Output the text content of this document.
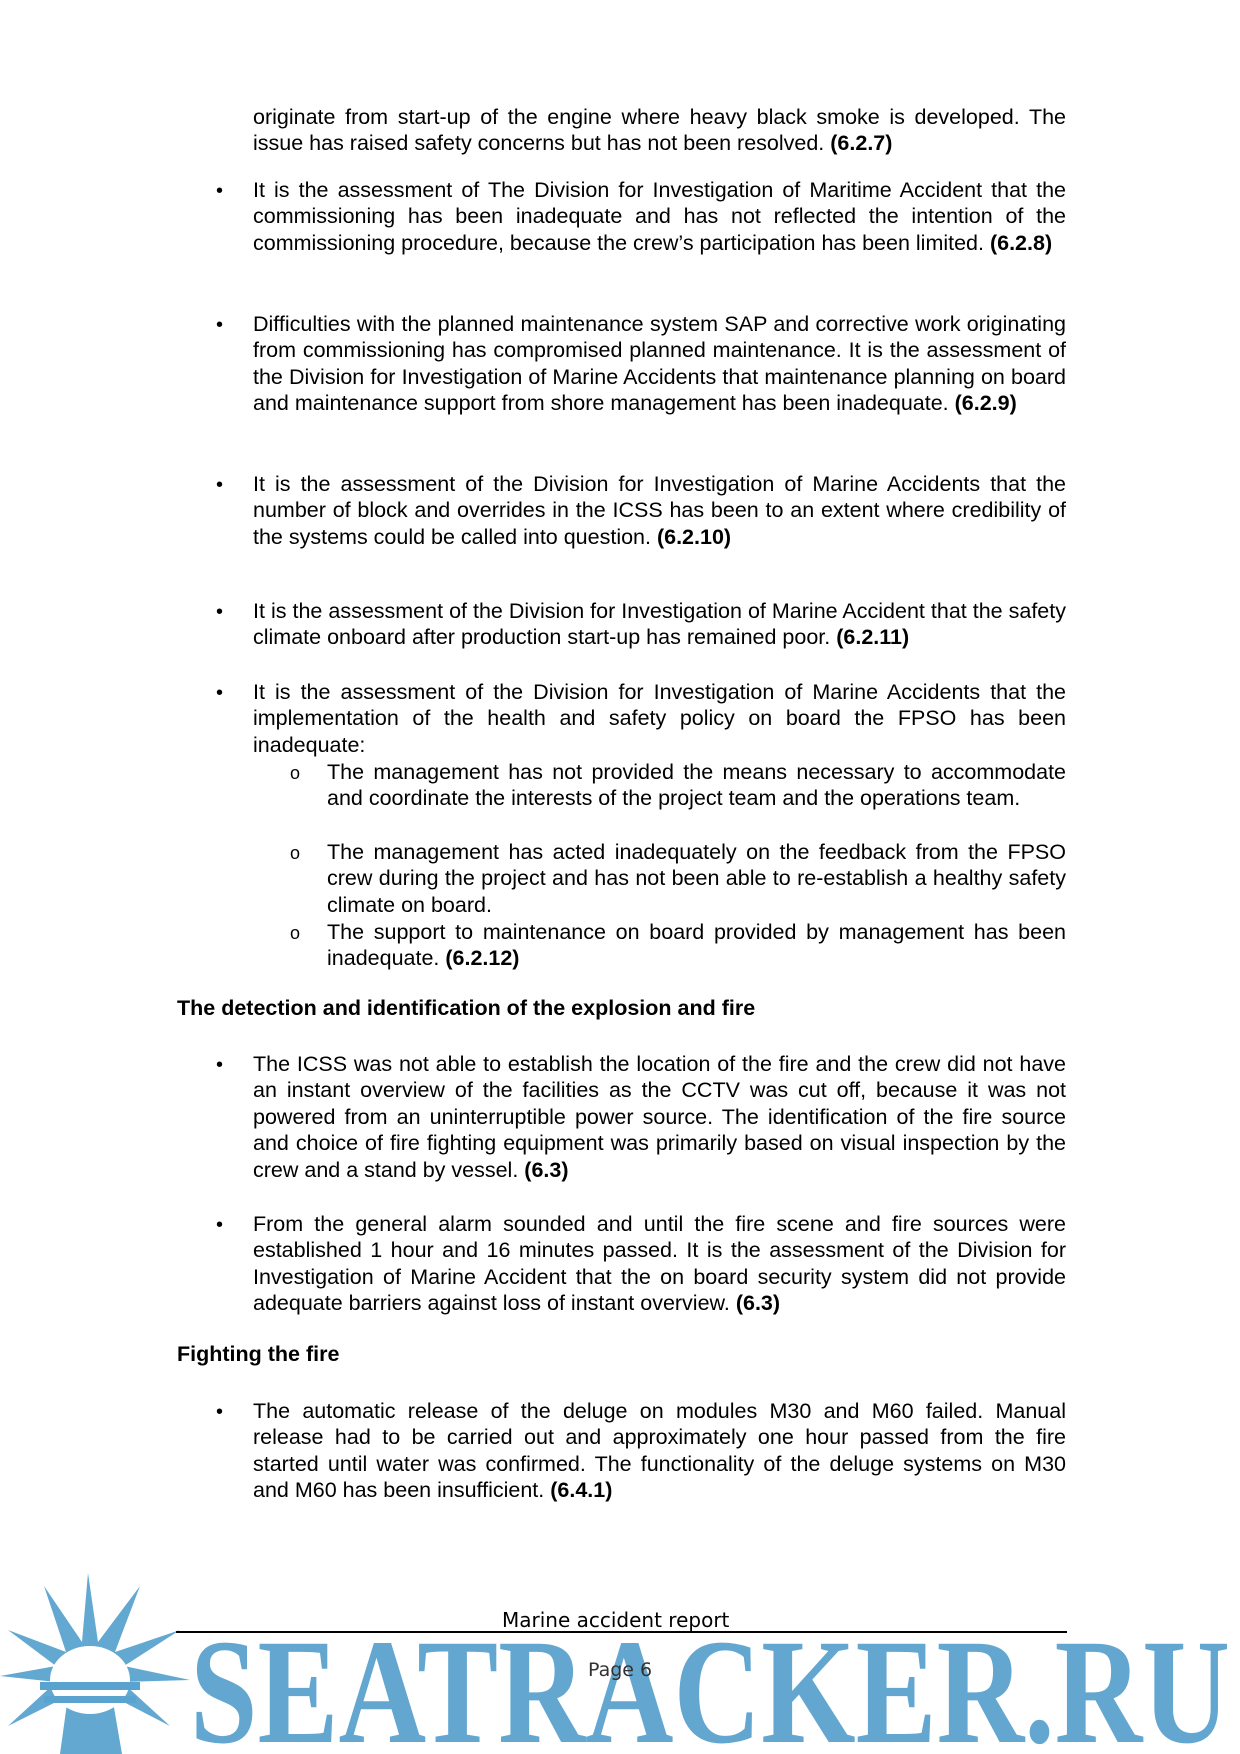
originate from start-up of the engine where heavy black smoke is developed. The issue has raised safety concerns but has not been resolved. (6.2.7)
• It is the assessment of The Division for Investigation of Maritime Accident that the commissioning has been inadequate and has not reflected the intention of the commissioning procedure, because the crew’s participation has been limited. (6.2.8)
• Difficulties with the planned maintenance system SAP and corrective work originating from commissioning has compromised planned maintenance. It is the assessment of the Division for Investigation of Marine Accidents that maintenance planning on board and maintenance support from shore management has been inadequate. (6.2.9)
• It is the assessment of the Division for Investigation of Marine Accidents that the number of block and overrides in the ICSS has been to an extent where credibility of the systems could be called into question. (6.2.10)
• It is the assessment of the Division for Investigation of Marine Accident that the safety climate onboard after production start-up has remained poor. (6.2.11)
• It is the assessment of the Division for Investigation of Marine Accidents that the implementation of the health and safety policy on board the FPSO has been inadequate:
o The management has not provided the means necessary to accommodate and coordinate the interests of the project team and the operations team.
o The management has acted inadequately on the feedback from the FPSO crew during the project and has not been able to re-establish a healthy safety climate on board.
o The support to maintenance on board provided by management has been inadequate. (6.2.12)
The detection and identification of the explosion and fire
• The ICSS was not able to establish the location of the fire and the crew did not have an instant overview of the facilities as the CCTV was cut off, because it was not powered from an uninterruptible power source. The identification of the fire source and choice of fire fighting equipment was primarily based on visual inspection by the crew and a stand by vessel. (6.3)
• From the general alarm sounded and until the fire scene and fire sources were established 1 hour and 16 minutes passed. It is the assessment of the Division for Investigation of Marine Accident that the on board security system did not provide adequate barriers against loss of instant overview. (6.3)
Fighting the fire
• The automatic release of the deluge on modules M30 and M60 failed. Manual release had to be carried out and approximately one hour passed from the fire started until water was confirmed. The functionality of the deluge systems on M30 and M60 has been insufficient. (6.4.1)
SEATRACKER.RU
Marine accident report
Page 6
